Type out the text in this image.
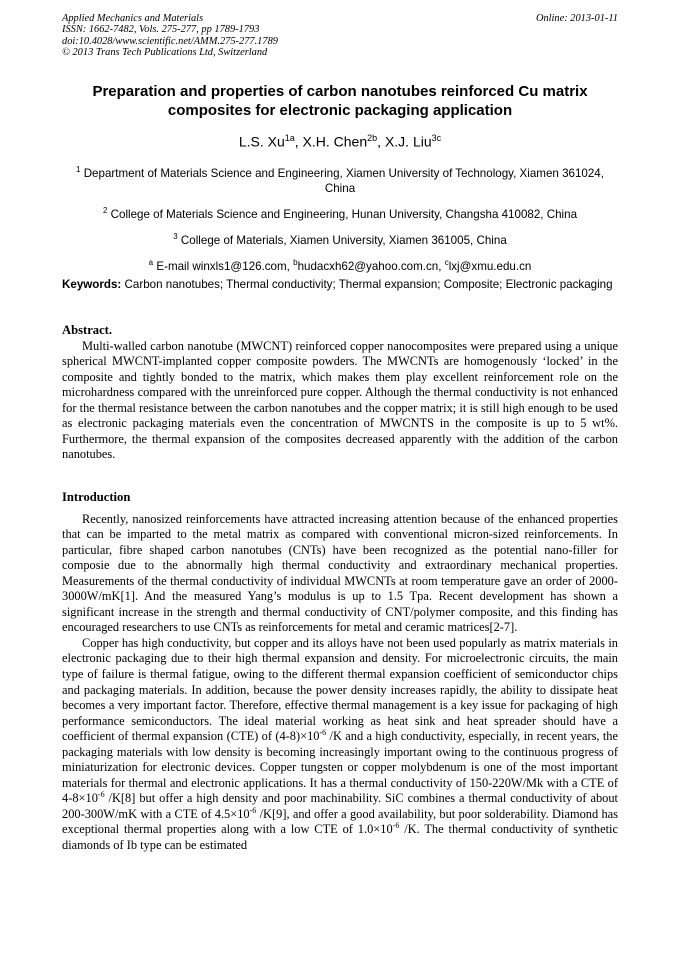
Applied Mechanics and Materials	Online: 2013-01-11
ISSN: 1662-7482, Vols. 275-277, pp 1789-1793
doi:10.4028/www.scientific.net/AMM.275-277.1789
© 2013 Trans Tech Publications Ltd, Switzerland
Preparation and properties of carbon nanotubes reinforced Cu matrix composites for electronic packaging application
L.S. $Xu^{1a}$, X.H. Chen$^{2b}$, X.J. Liu$^{3c}$
$^1$ Department of Materials Science and Engineering, Xiamen University of Technology, Xiamen 361024, China
$^2$ College of Materials Science and Engineering, Hunan University, Changsha 410082, China
$^3$ College of Materials, Xiamen University, Xiamen 361005, China
$^a$ E-mail winxls1@126.com, $^b$hudacxh62@yahoo.com.cn, $^c$lxj@xmu.edu.cn
Keywords: Carbon nanotubes; Thermal conductivity; Thermal expansion; Composite; Electronic packaging
Abstract.

Multi-walled carbon nanotube (MWCNT) reinforced copper nanocomposites were prepared using a unique spherical MWCNT-implanted copper composite powders. The MWCNTs are homogenously ‘locked’ in the composite and tightly bonded to the matrix, which makes them play excellent reinforcement role on the microhardness compared with the unreinforced pure copper. Although the thermal conductivity is not enhanced for the thermal resistance between the carbon nanotubes and the copper matrix; it is still high enough to be used as electronic packaging materials even the concentration of MWCNTS in the composite is up to 5 wt%. Furthermore, the thermal expansion of the composites decreased apparently with the addition of the carbon nanotubes.

Introduction

Recently, nanosized reinforcements have attracted increasing attention because of the enhanced properties that can be imparted to the metal matrix as compared with conventional micron-sized reinforcements. In particular, fibre shaped carbon nanotubes (CNTs) have been recognized as the potential nano-filler for composie due to the abnormally high thermal conductivity and extraordinary mechanical properties. Measurements of the thermal conductivity of individual MWCNTs at room temperature gave an order of 2000-3000W/mK[1]. And the measured Yang’s modulus is up to 1.5 Tpa. Recent development has shown a significant increase in the strength and thermal conductivity of CNT/polymer composite, and this finding has encouraged researchers to use CNTs as reinforcements for metal and ceramic matrices[2-7].

Copper has high conductivity, but copper and its alloys have not been used popularly as matrix materials in electronic packaging due to their high thermal expansion and density. For microelectronic circuits, the main type of failure is thermal fatigue, owing to the different thermal expansion coefficient of semiconductor chips and packaging materials. In addition, because the power density increases rapidly, the ability to dissipate heat becomes a very important factor. Therefore, effective thermal management is a key issue for packaging of high performance semiconductors. The ideal material working as heat sink and heat spreader should have a coefficient of thermal expansion (CTE) of $(4-8)\times 10^{-6}$ /K and a high conductivity, especially, in recent years, the packaging materials with low density is becoming increasingly important owing to the continuous progress of miniaturization for electronic devices. Copper tungsten or copper molybdenum is one of the most important materials for thermal and electronic applications. It has a thermal conductivity of 150-220W/Mk with a CTE of $4-8\times 10^{-6}$ /K[8] but offer a high density and poor machinability. SiC combines a thermal conductivity of about 200-300W/mK with a CTE of $4.5\times 10^{-6}$ /K[9], and offer a good availability, but poor solderability. Diamond has exceptional thermal properties along with a low CTE of $1.0\times 10^{-6}$ /K. The thermal conductivity of synthetic diamonds of Ib type can be estimated
